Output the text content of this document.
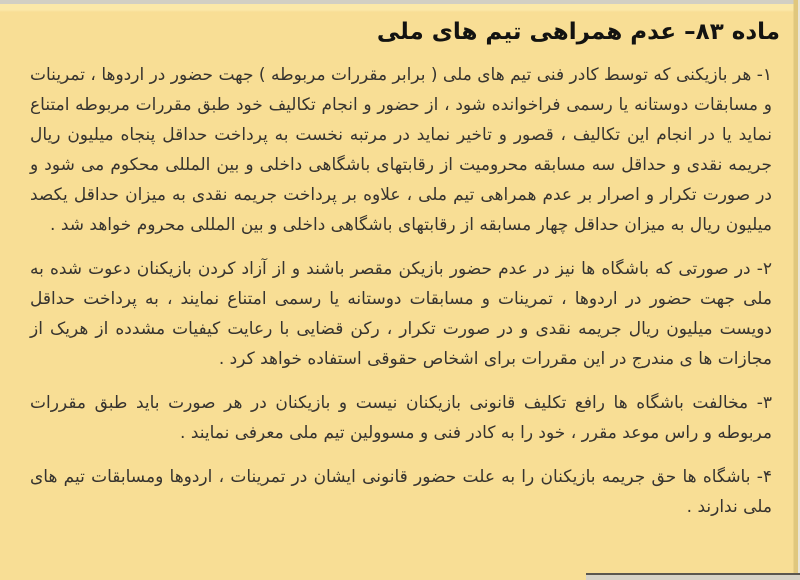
ماده ۸۳– عدم همراهی تیم های ملی

۱- هر بازیکنی که توسط کادر فنی تیم های ملی ( برابر مقررات مربوطه ) جهت حضور در اردوها ، تمرینات و مسابقات دوستانه یا رسمی فراخوانده شود ، از حضور و انجام تکالیف خود طبق مقررات مربوطه امتناع نماید یا در انجام این تکالیف ، قصور و تاخیر نماید در مرتبه نخست به پرداخت حداقل پنجاه میلیون ریال جریمه نقدی و حداقل سه مسابقه محرومیت از رقابتهای باشگاهی داخلی و بین المللی محکوم می شود و در صورت تکرار و اصرار بر عدم همراهی تیم ملی ، علاوه بر پرداخت جریمه نقدی به میزان حداقل یکصد میلیون ریال به میزان حداقل چهار مسابقه از رقابتهای باشگاهی داخلی و بین المللی محروم خواهد شد .

۲- در صورتی که باشگاه ها نیز در عدم حضور بازیکن مقصر باشند و از آزاد کردن بازیکنان دعوت شده به ملی جهت حضور در اردوها ، تمرینات و مسابقات دوستانه یا رسمی امتناع نمایند ، به پرداخت حداقل دویست میلیون ریال جریمه نقدی و در صورت تکرار ، رکن قضایی با رعایت کیفیات مشدده از هریک از مجازات ها ی مندرج در این مقررات برای اشخاص حقوقی استفاده خواهد کرد .

۳- مخالفت باشگاه ها رافع تکلیف قانونی بازیکنان نیست و بازیکنان در هر صورت باید طبق مقررات مربوطه و راس موعد مقرر ، خود را به کادر فنی و مسوولین تیم ملی معرفی نمایند .

۴- باشگاه ها حق جریمه بازیکنان را به علت حضور قانونی ایشان در تمرینات ، اردوها ومسابقات تیم های ملی ندارند .
